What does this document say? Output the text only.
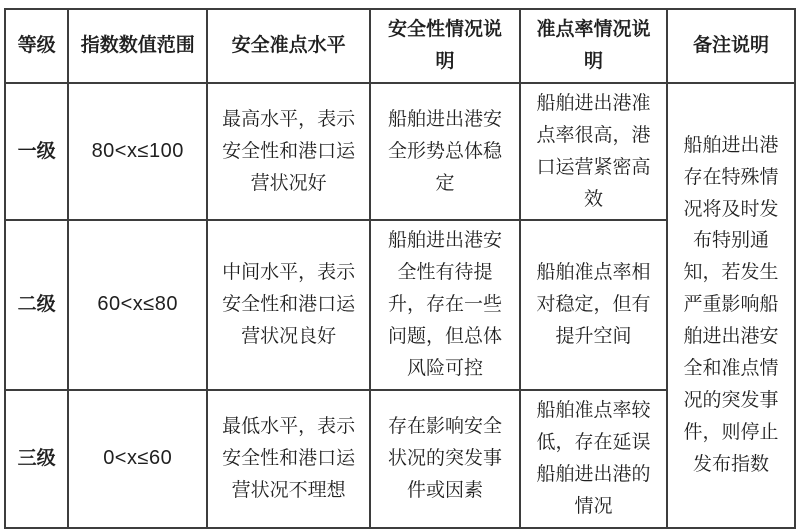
等级	指数数值范围	安全准点水平	安全性情况说明	准点率情况说明	备注说明
一级	80<x≤100	最高水平，表示安全性和港口运营状况好	船舶进出港安全形势总体稳定	船舶进出港准点率很高，港口运营紧密高效	船舶进出港存在特殊情况将及时发布特别通知，若发生严重影响船舶进出港安全和准点情况的突发事件，则停止发布指数
二级	60<x≤80	中间水平，表示安全性和港口运营状况良好	船舶进出港安全性有待提升，存在一些问题，但总体风险可控	船舶准点率相对稳定，但有提升空间	
三级	0<x≤60	最低水平，表示安全性和港口运营状况不理想	存在影响安全状况的突发事件或因素	船舶准点率较低，存在延误船舶进出港的情况	
